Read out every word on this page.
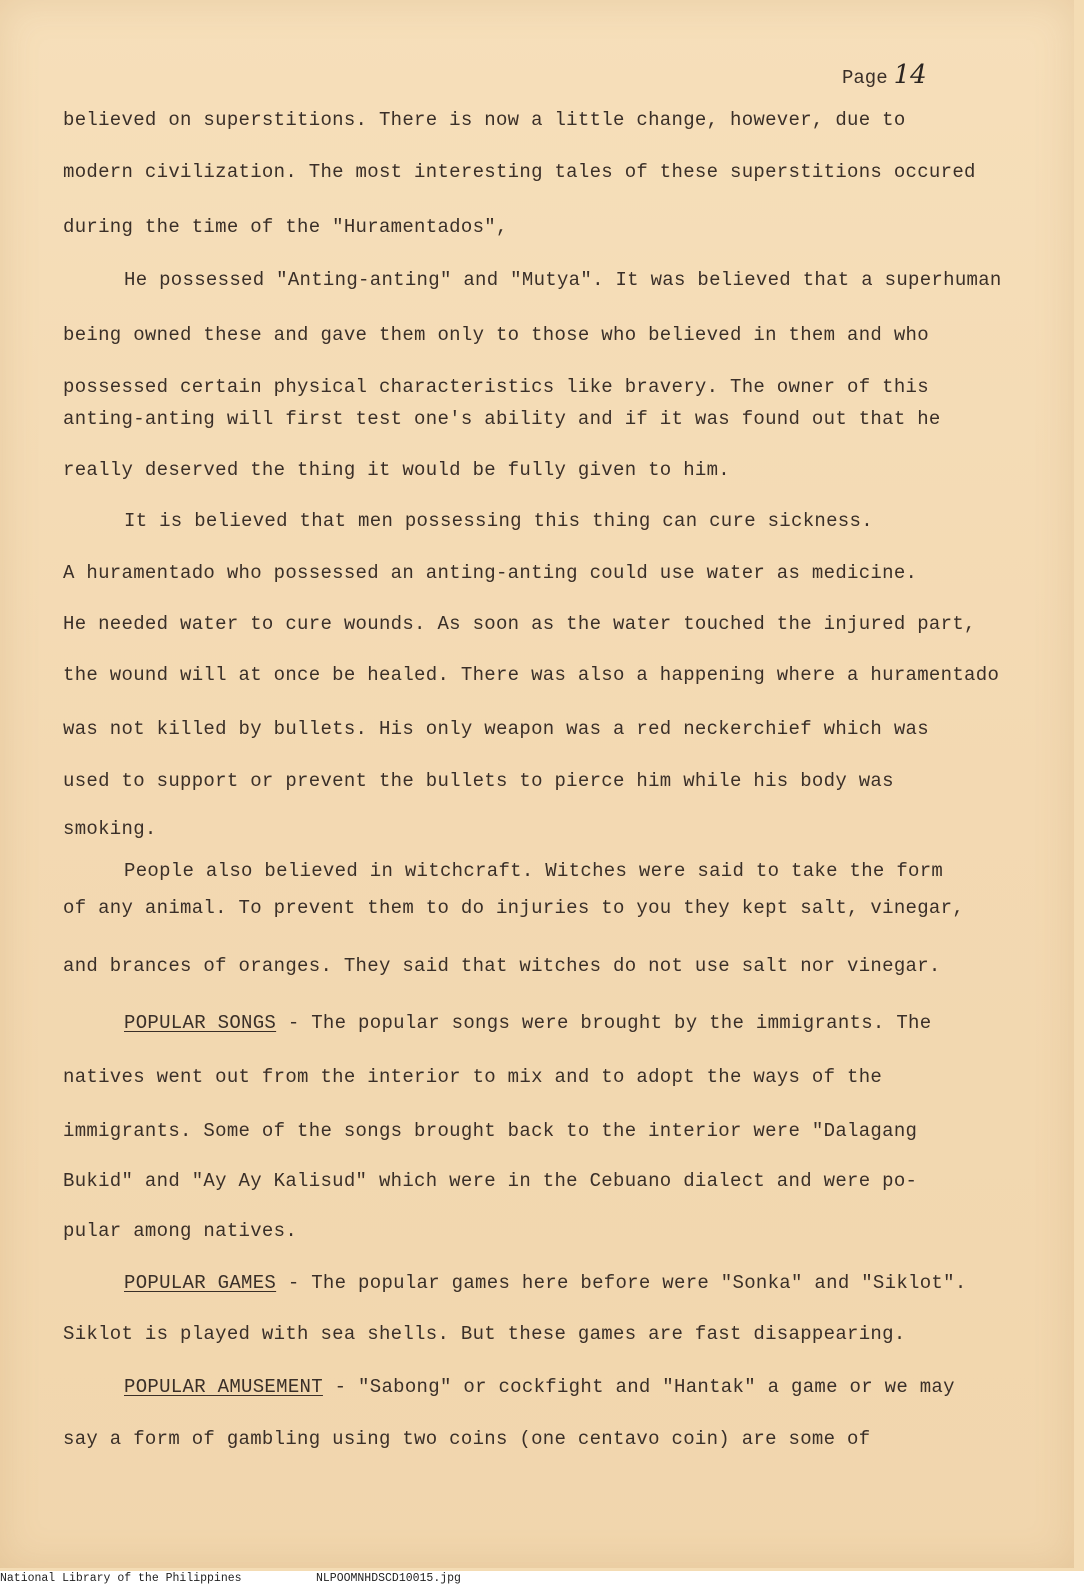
Page 14
believed on superstitions. There is now a little change, however, due to
modern civilization. The most interesting tales of these superstitions occured
during the time of the "Huramentados",
He possessed "Anting-anting" and "Mutya". It was believed that a superhuman
being owned these and gave them only to those who believed in them and who
possessed certain physical characteristics like bravery. The owner of this
anting-anting will first test one's ability and if it was found out that he
really deserved the thing it would be fully given to him.
It is believed that men possessing this thing can cure sickness.
A huramentado who possessed an anting-anting could use water as medicine.
He needed water to cure wounds. As soon as the water touched the injured part,
the wound will at once be healed. There was also a happening where a huramentado
was not killed by bullets. His only weapon was a red neckerchief which was
used to support or prevent the bullets to pierce him while his body was
smoking.
People also believed in witchcraft. Witches were said to take the form
of any animal. To prevent them to do injuries to you they kept salt, vinegar,
and brances of oranges. They said that witches do not use salt nor vinegar.
POPULAR SONGS - The popular songs were brought by the immigrants. The
natives went out from the interior to mix and to adopt the ways of the
immigrants. Some of the songs brought back to the interior were "Dalagang
Bukid" and "Ay Ay Kalisud" which were in the Cebuano dialect and were po-
pular among natives.
POPULAR GAMES - The popular games here before were "Sonka" and "Siklot".
Siklot is played with sea shells. But these games are fast disappearing.
POPULAR AMUSEMENT - "Sabong" or cockfight and "Hantak" a game or we may
say a form of gambling using two coins (one centavo coin) are some of
National Library of the Philippines	NLPOOMNHDSCD10015.jpg
